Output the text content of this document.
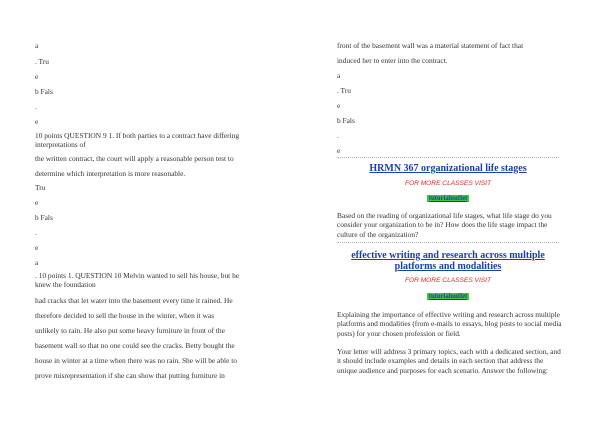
a
. Tru
e
b Fals
.
e
10 points QUESTION 9 1. If both parties to a contract have differing
interpretations of
the written contract, the court will apply a reasonable person test to
determine which interpretation is more reasonable.
Tru
e
b Fals
.
e
a
. 10 points 1. QUESTION 10 Melvin wanted to sell his house, but he
knew the foundation
had cracks that let water into the basement every time it rained. He
therefore decided to sell the house in the winter, when it was
unlikely to rain. He also put some heavy furniture in front of the
basement wall so that no one could see the cracks. Betty bought the
house in winter at a time when there was no rain. She will be able to
prove misrepresentation if she can show that putting furniture in
front of the basement wall was a material statement of fact that
induced her to enter into the contract.
a
. Tru
e
b Fals
.
e
HRMN 367 organizational life stages
FOR MORE CLASSES VISIT
tutorialoutlet
Based on the reading of organizational life stages, what life stage do you consider your organization to be in? How does the life stage impact the culture of the organization?
effective writing and research across multiple platforms and modalities
FOR MORE CLASSES VISIT
tutorialoutlet
Explaining the importance of effective writing and research across multiple platforms and modalities (from e-mails to essays, blog posts to social media posts) for your chosen profession or field.
Your letter will address 3 primary topics, each with a dedicated section, and it should include examples and details in each section that address the unique audience and purposes for each scenario. Answer the following:
